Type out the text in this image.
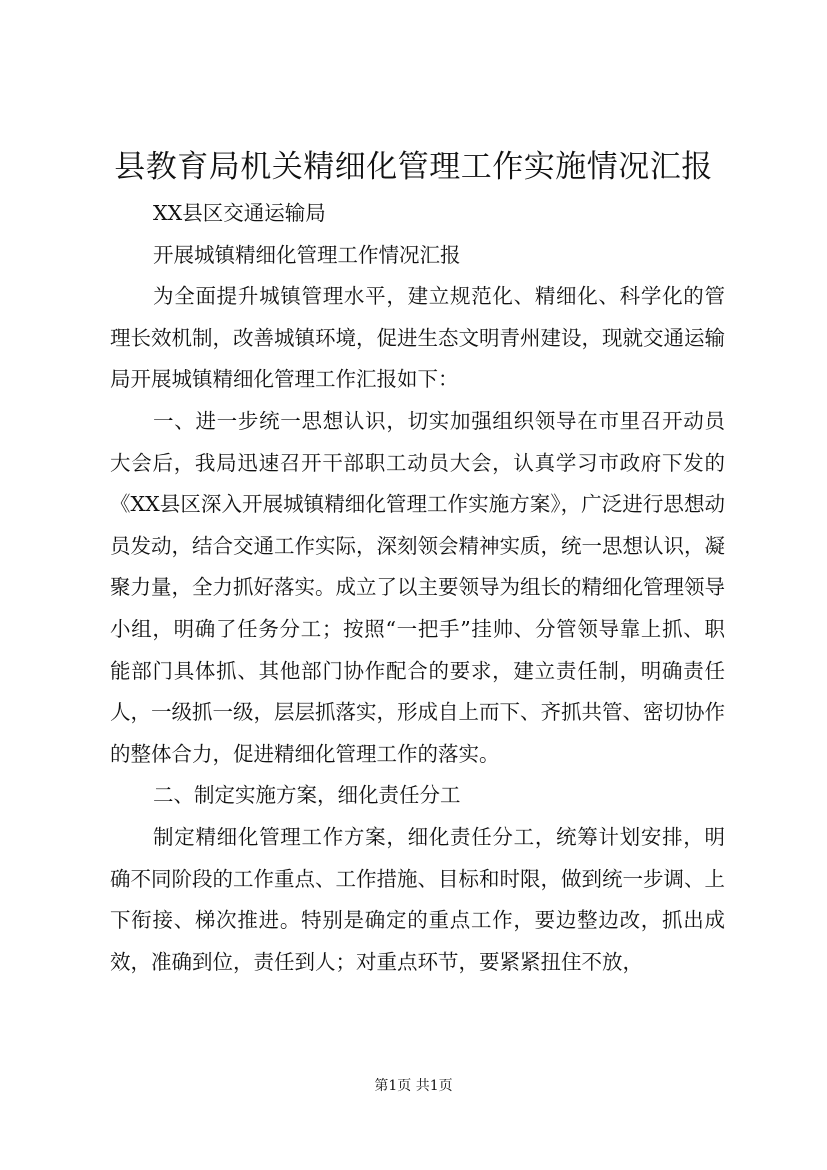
县教育局机关精细化管理工作实施情况汇报

XX县区交通运输局

开展城镇精细化管理工作情况汇报

为全面提升城镇管理水平，建立规范化、精细化、科学化的管理长效机制，改善城镇环境，促进生态文明青州建设，现就交通运输局开展城镇精细化管理工作汇报如下：

一、进一步统一思想认识，切实加强组织领导在市里召开动员大会后，我局迅速召开干部职工动员大会，认真学习市政府下发的《XX县区深入开展城镇精细化管理工作实施方案》，广泛进行思想动员发动，结合交通工作实际，深刻领会精神实质，统一思想认识，凝聚力量，全力抓好落实。成立了以主要领导为组长的精细化管理领导小组，明确了任务分工；按照“一把手”挂帅、分管领导靠上抓、职能部门具体抓、其他部门协作配合的要求，建立责任制，明确责任人，一级抓一级，层层抓落实，形成自上而下、齐抓共管、密切协作的整体合力，促进精细化管理工作的落实。

二、制定实施方案，细化责任分工

制定精细化管理工作方案，细化责任分工，统筹计划安排，明确不同阶段的工作重点、工作措施、目标和时限，做到统一步调、上下衔接、梯次推进。特别是确定的重点工作，要边整边改，抓出成效，准确到位，责任到人；对重点环节，要紧紧扭住不放，

第1页 共1页
